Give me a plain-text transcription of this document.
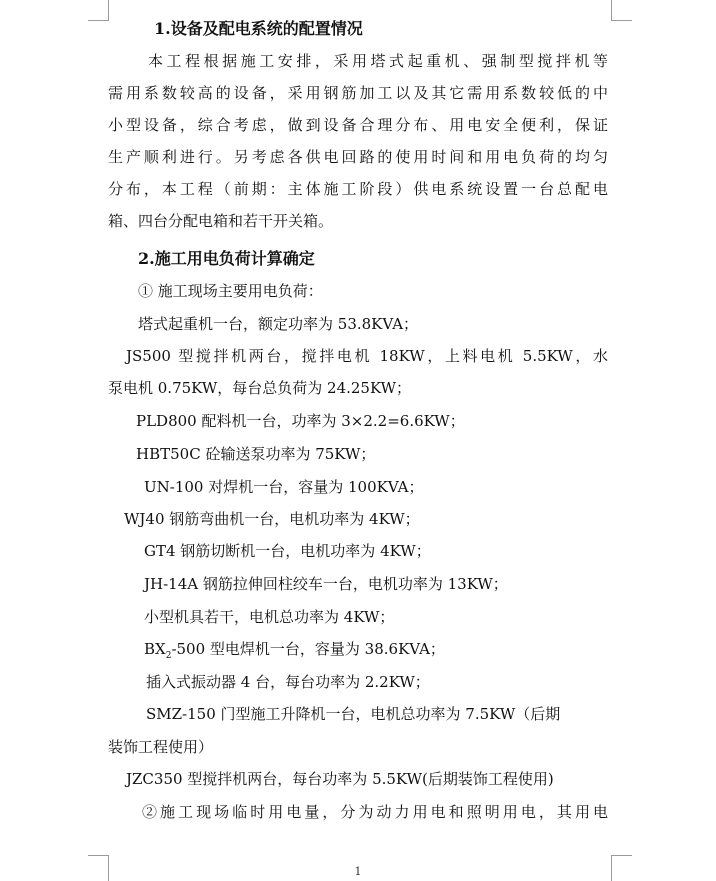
1.设备及配电系统的配置情况
本工程根据施工安排，采用塔式起重机、强制型搅拌机等
需用系数较高的设备，采用钢筋加工以及其它需用系数较低的中
小型设备，综合考虑，做到设备合理分布、用电安全便利，保证
生产顺利进行。另考虑各供电回路的使用时间和用电负荷的均匀
分布，本工程（前期：主体施工阶段）供电系统设置一台总配电
箱、四台分配电箱和若干开关箱。
2.施工用电负荷计算确定
① 施工现场主要用电负荷：
塔式起重机一台，额定功率为 53.8KVA；
JS500 型搅拌机两台，搅拌电机 18KW，上料电机 5.5KW，水
泵电机 0.75KW，每台总负荷为 24.25KW；
PLD800 配料机一台，功率为 3×2.2=6.6KW；
HBT50C 砼输送泵功率为 75KW；
UN-100 对焊机一台，容量为 100KVA；
WJ40 钢筋弯曲机一台，电机功率为 4KW；
GT4 钢筋切断机一台，电机功率为 4KW；
JH-14A 钢筋拉伸回柱绞车一台，电机功率为 13KW；
小型机具若干，电机总功率为 4KW；
$BX_2-500$ 型电焊机一台，容量为 38.6KVA；
插入式振动器 4 台，每台功率为 2.2KW；
SMZ-150 门型施工升降机一台，电机总功率为 7.5KW（后期
装饰工程使用）
JZC350 型搅拌机两台，每台功率为 5.5KW(后期装饰工程使用)
②施工现场临时用电量，分为动力用电和照明用电，其用电
1
